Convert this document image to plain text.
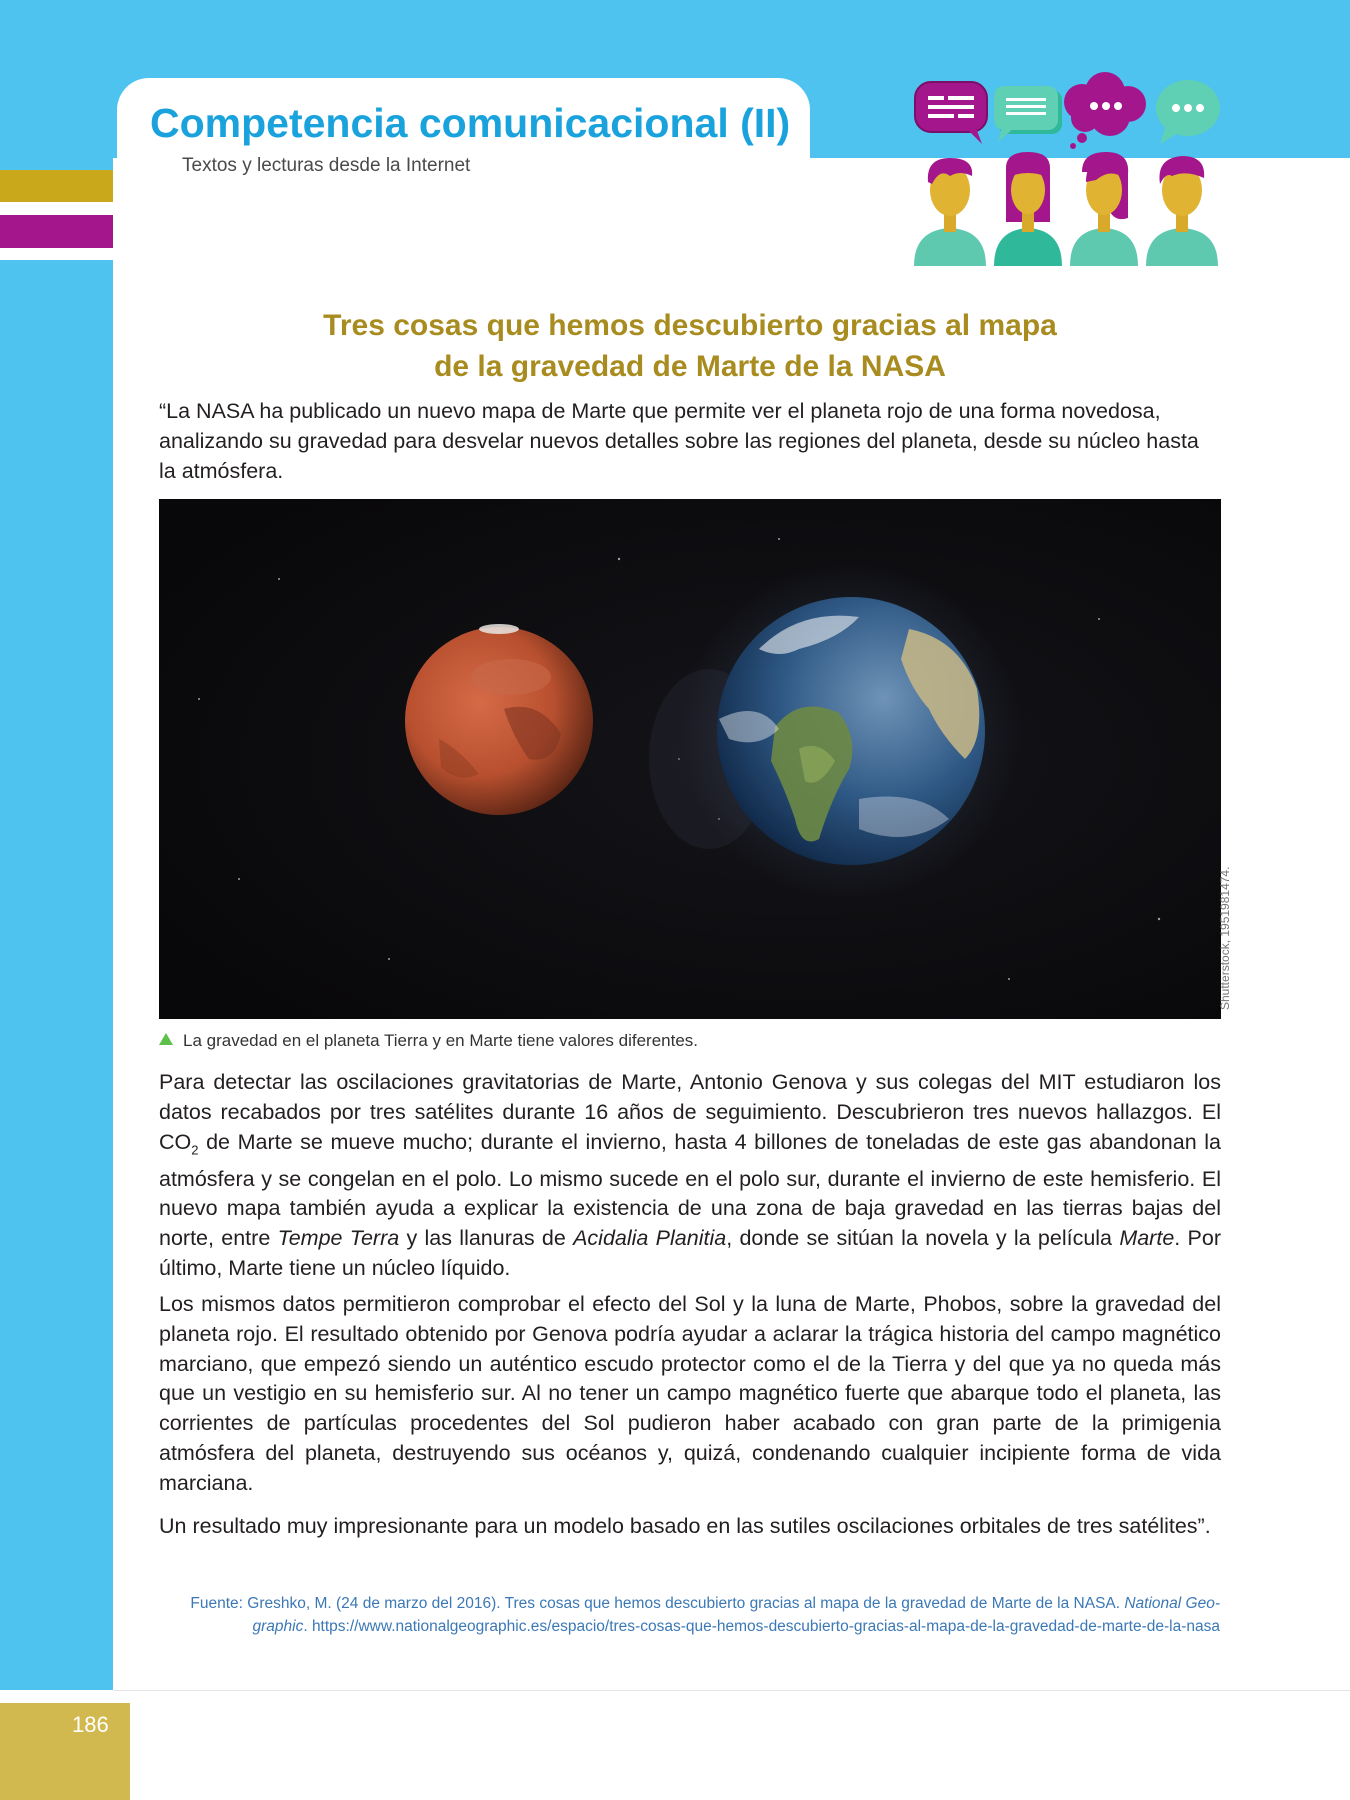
Competencia comunicacional (II)
Textos y lecturas desde la Internet
Tres cosas que hemos descubierto gracias al mapa
de la gravedad de Marte de la NASA

“La NASA ha publicado un nuevo mapa de Marte que permite ver el planeta rojo de una forma novedosa, analizando su gravedad para desvelar nuevos detalles sobre las regiones del planeta, desde su núcleo hasta la atmósfera.

Shutterstock, 1951981474.
La gravedad en el planeta Tierra y en Marte tiene valores diferentes.

Para detectar las oscilaciones gravitatorias de Marte, Antonio Genova y sus colegas del MIT estudiaron los datos recabados por tres satélites durante 16 años de seguimiento. Descubrieron tres nuevos hallazgos. El $CO_2$ de Marte se mueve mucho; durante el invierno, hasta 4 billones de toneladas de este gas abandonan la atmósfera y se congelan en el polo. Lo mismo sucede en el polo sur, durante el invierno de este hemisferio. El nuevo mapa también ayuda a explicar la existencia de una zona de baja gravedad en las tierras bajas del norte, entre Tempe Terra y las llanuras de Acidalia Planitia, donde se sitúan la novela y la película Marte. Por último, Marte tiene un núcleo líquido.

Los mismos datos permitieron comprobar el efecto del Sol y la luna de Marte, Phobos, sobre la gravedad del planeta rojo. El resultado obtenido por Genova podría ayudar a aclarar la trágica historia del campo magnético marciano, que empezó siendo un auténtico escudo protector como el de la Tierra y del que ya no queda más que un vestigio en su hemisferio sur. Al no tener un campo magnético fuerte que abarque todo el planeta, las corrientes de partículas procedentes del Sol pudieron haber acabado con gran parte de la primigenia atmósfera del planeta, destruyendo sus océanos y, quizá, condenando cualquier incipiente forma de vida marciana.

Un resultado muy impresionante para un modelo basado en las sutiles oscilaciones orbitales de tres satélites”.

Fuente: Greshko, M. (24 de marzo del 2016). Tres cosas que hemos descubierto gracias al mapa de la gravedad de Marte de la NASA. National Geo-
graphic. https://www.nationalgeographic.es/espacio/tres-cosas-que-hemos-descubierto-gracias-al-mapa-de-la-gravedad-de-marte-de-la-nasa

186
